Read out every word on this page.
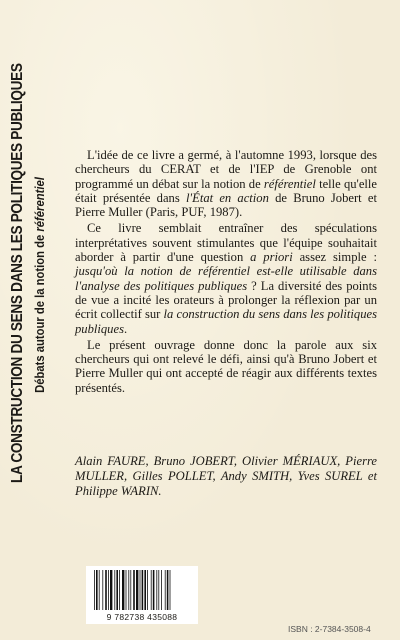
LA CONSTRUCTION DU SENS DANS LES POLITIQUES PUBLIQUES Débats autour de la notion de référentiel

L'idée de ce livre a germé, à l'automne 1993, lorsque des chercheurs du CERAT et de l'IEP de Grenoble ont programmé un débat sur la notion de référentiel telle qu'elle était présentée dans l'État en action de Bruno Jobert et Pierre Muller (Paris, PUF, 1987).

Ce livre semblait entraîner des spéculations interprétatives souvent stimulantes que l'équipe souhaitait aborder à partir d'une question a priori assez simple : jusqu'où la notion de référentiel est-elle utilisable dans l'analyse des politiques publiques ? La diversité des points de vue a incité les orateurs à prolonger la réflexion par un écrit collectif sur la construction du sens dans les politiques publiques.

Le présent ouvrage donne donc la parole aux six chercheurs qui ont relevé le défi, ainsi qu'à Bruno Jobert et Pierre Muller qui ont accepté de réagir aux différents textes présentés.

Alain FAURE, Bruno JOBERT, Olivier MÉRIAUX, Pierre MULLER, Gilles POLLET, Andy SMITH, Yves SUREL et Philippe WARIN.
9 782738 435088
ISBN : 2-7384-3508-4
